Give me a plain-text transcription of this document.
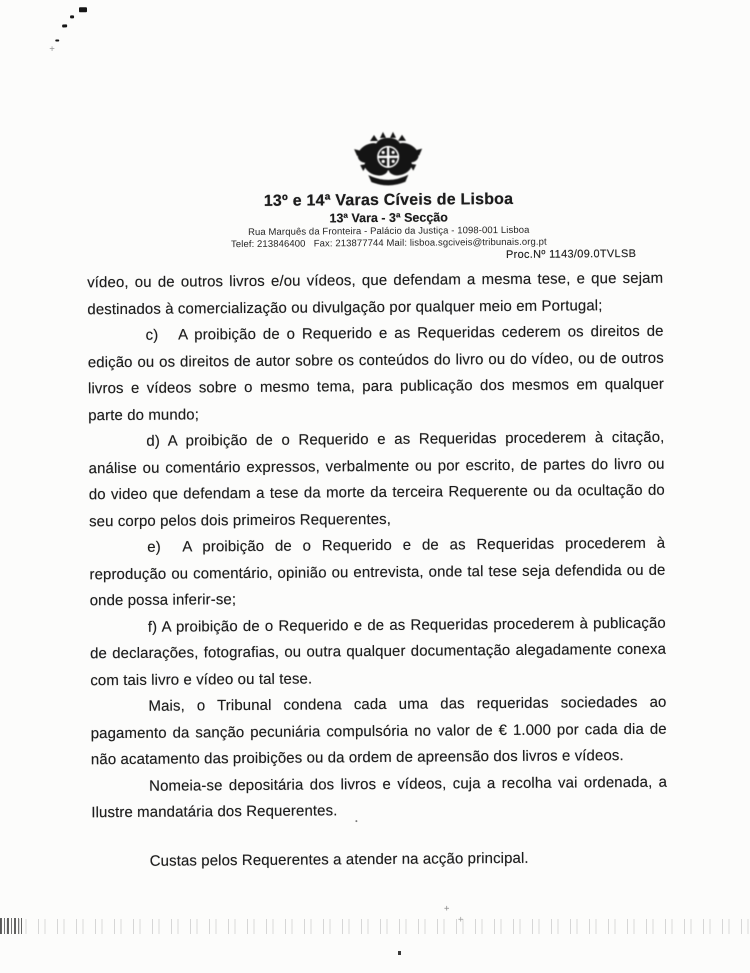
+
13º e 14ª Varas Cíveis de Lisboa
13ª Vara - 3ª Secção
Rua Marquês da Fronteira - Palácio da Justiça - 1098-001 Lisboa
Telef: 213846400   Fax: 213877744 Mail: lisboa.sgciveis@tribunais.org.pt
Proc.Nº 1143/09.0TVLSB

vídeo, ou de outros livros e/ou vídeos, que defendam a mesma tese, e que sejam destinados à comercialização ou divulgação por qualquer meio em Portugal;

c)   A proibição de o Requerido e as Requeridas cederem os direitos de edição ou os direitos de autor sobre os conteúdos do livro ou do vídeo, ou de outros livros e vídeos sobre o mesmo tema, para publicação dos mesmos em qualquer parte do mundo;

d) A proibição de o Requerido e as Requeridas procederem à citação, análise ou comentário expressos, verbalmente ou por escrito, de partes do livro ou do video que defendam a tese da morte da terceira Requerente ou da ocultação do seu corpo pelos dois primeiros Requerentes,

e)  A proibição de o Requerido e de as Requeridas procederem à reprodução ou comentário, opinião ou entrevista, onde tal tese seja defendida ou de onde possa inferir-se;

f) A proibição de o Requerido e de as Requeridas procederem à publicação de declarações, fotografias, ou outra qualquer documentação alegadamente conexa com tais livro e vídeo ou tal tese.

Mais, o Tribunal condena cada uma das requeridas sociedades ao pagamento da sanção pecuniária compulsória no valor de € 1.000 por cada dia de não acatamento das proibições ou da ordem de apreensão dos livros e vídeos.

Nomeia-se depositária dos livros e vídeos, cuja a recolha vai ordenada, a Ilustre mandatária dos Requerentes.

Custas pelos Requerentes a atender na acção principal.

+
+
